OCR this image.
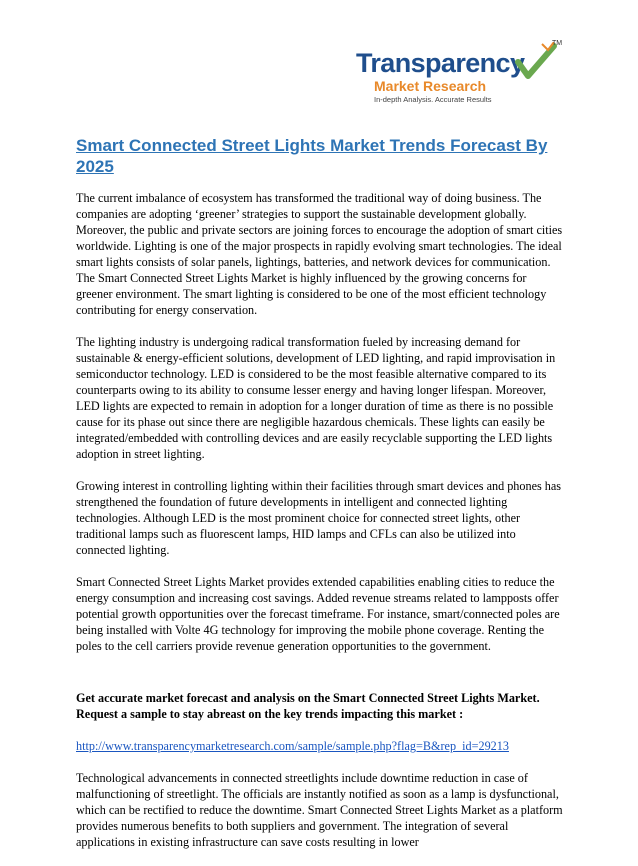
Transparency
TM
Market Research
In-depth Analysis. Accurate Results
Smart Connected Street Lights Market Trends Forecast By 2025

The current imbalance of ecosystem has transformed the traditional way of doing business. The companies are adopting ‘greener’ strategies to support the sustainable development globally. Moreover, the public and private sectors are joining forces to encourage the adoption of smart cities worldwide. Lighting is one of the major prospects in rapidly evolving smart technologies. The ideal smart lights consists of solar panels, lightings, batteries, and network devices for communication. The Smart Connected Street Lights Market is highly influenced by the growing concerns for greener environment. The smart lighting is considered to be one of the most efficient technology contributing for energy conservation.

The lighting industry is undergoing radical transformation fueled by increasing demand for sustainable & energy-efficient solutions, development of LED lighting, and rapid improvisation in semiconductor technology. LED is considered to be the most feasible alternative compared to its counterparts owing to its ability to consume lesser energy and having longer lifespan. Moreover, LED lights are expected to remain in adoption for a longer duration of time as there is no possible cause for its phase out since there are negligible hazardous chemicals. These lights can easily be integrated/embedded with controlling devices and are easily recyclable supporting the LED lights adoption in street lighting.

Growing interest in controlling lighting within their facilities through smart devices and phones has strengthened the foundation of future developments in intelligent and connected lighting technologies. Although LED is the most prominent choice for connected street lights, other traditional lamps such as fluorescent lamps, HID lamps and CFLs can also be utilized into connected lighting.

Smart Connected Street Lights Market provides extended capabilities enabling cities to reduce the energy consumption and increasing cost savings. Added revenue streams related to lampposts offer potential growth opportunities over the forecast timeframe. For instance, smart/connected poles are being installed with Volte 4G technology for improving the mobile phone coverage. Renting the poles to the cell carriers provide revenue generation opportunities to the government.

Get accurate market forecast and analysis on the Smart Connected Street Lights Market. Request a sample to stay abreast on the key trends impacting this market :

http://www.transparencymarketresearch.com/sample/sample.php?flag=B&rep_id=29213

Technological advancements in connected streetlights include downtime reduction in case of malfunctioning of streetlight. The officials are instantly notified as soon as a lamp is dysfunctional, which can be rectified to reduce the downtime. Smart Connected Street Lights Market as a platform provides numerous benefits to both suppliers and government. The integration of several applications in existing infrastructure can save costs resulting in lower
